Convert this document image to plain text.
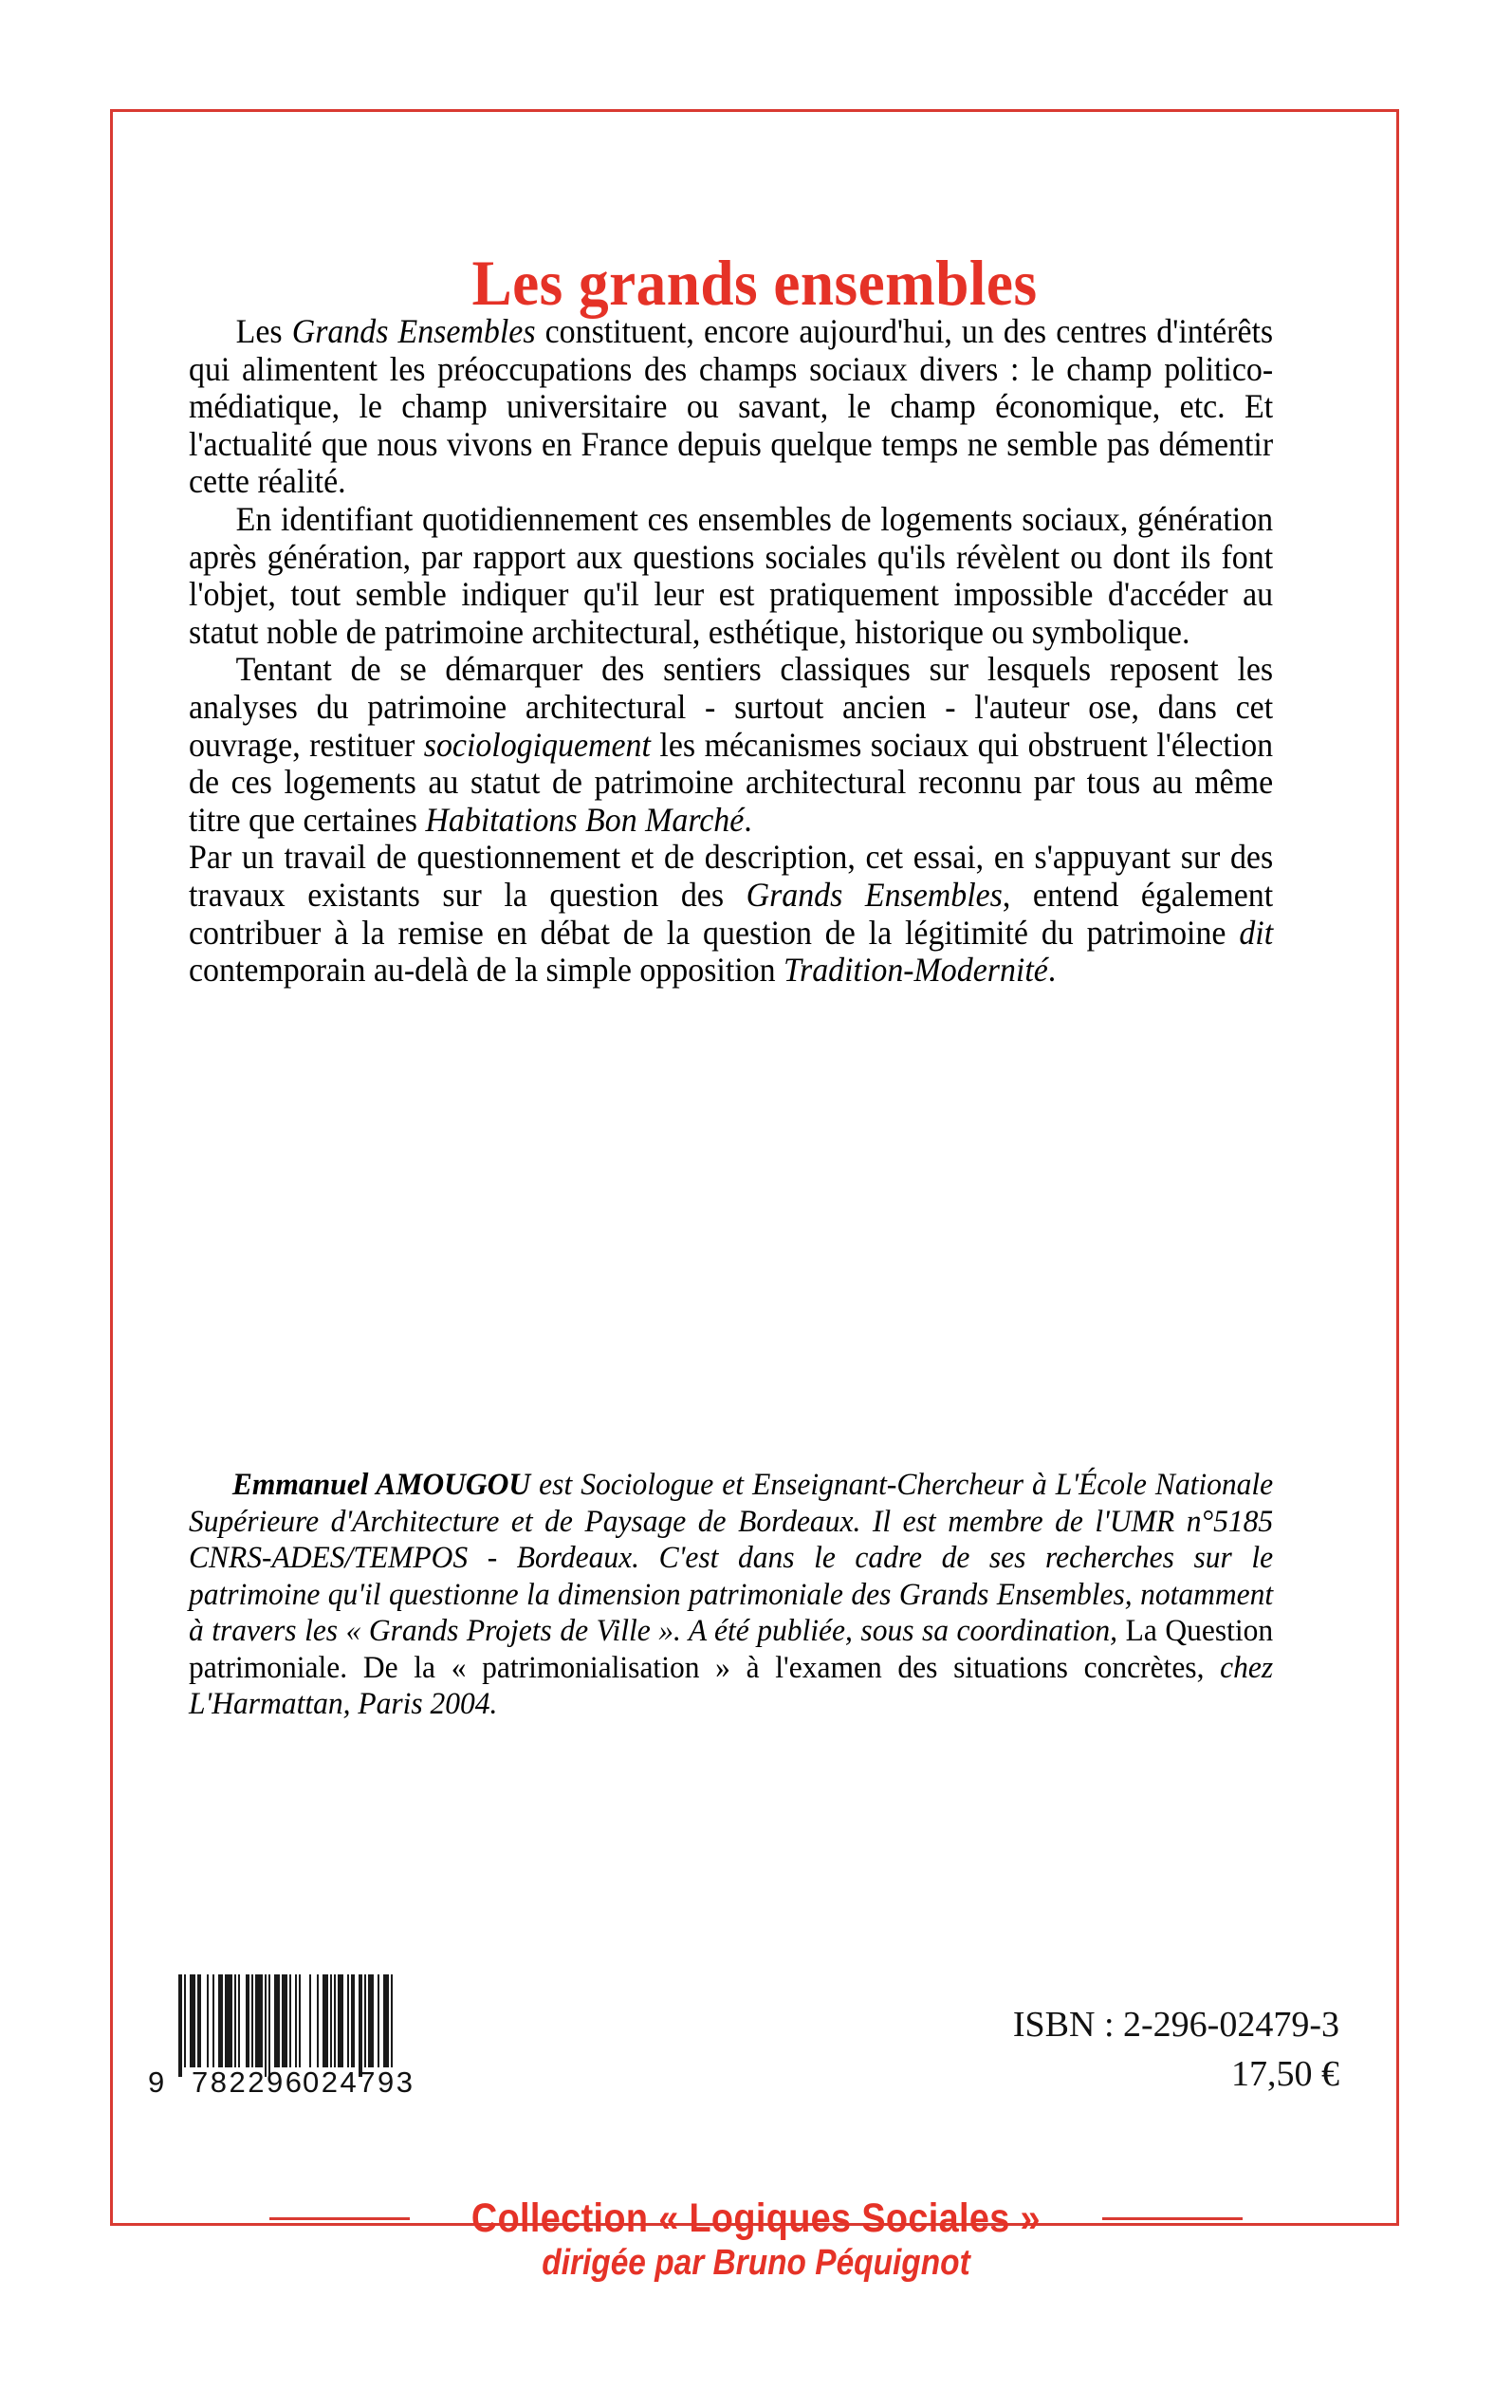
Les grands ensembles

Les Grands Ensembles constituent, encore aujourd'hui, un des centres d'intérêts qui alimentent les préoccupations des champs sociaux divers : le champ politico-médiatique, le champ universitaire ou savant, le champ économique, etc. Et l'actualité que nous vivons en France depuis quelque temps ne semble pas démentir cette réalité.

En identifiant quotidiennement ces ensembles de logements sociaux, génération après génération, par rapport aux questions sociales qu'ils révèlent ou dont ils font l'objet, tout semble indiquer qu'il leur est pratiquement impossible d'accéder au statut noble de patrimoine architectural, esthétique, historique ou symbolique.

Tentant de se démarquer des sentiers classiques sur lesquels reposent les analyses du patrimoine architectural - surtout ancien - l'auteur ose, dans cet ouvrage, restituer sociologiquement les mécanismes sociaux qui obstruent l'élection de ces logements au statut de patrimoine architectural reconnu par tous au même titre que certaines Habitations Bon Marché.

Par un travail de questionnement et de description, cet essai, en s'appuyant sur des travaux existants sur la question des Grands Ensembles, entend également contribuer à la remise en débat de la question de la légitimité du patrimoine dit contemporain au-delà de la simple opposition Tradition-Modernité.

Emmanuel AMOUGOU est Sociologue et Enseignant-Chercheur à L'École Nationale Supérieure d'Architecture et de Paysage de Bordeaux. Il est membre de l'UMR n°5185 CNRS-ADES/TEMPOS - Bordeaux. C'est dans le cadre de ses recherches sur le patrimoine qu'il questionne la dimension patrimoniale des Grands Ensembles, notamment à travers les « Grands Projets de Ville ». A été publiée, sous sa coordination, La Question patrimoniale. De la « patrimonialisation » à l'examen des situations concrètes, chez L'Harmattan, Paris 2004.

9 782296
024793
ISBN : 2-296-02479-3
17,50 €
Collection « Logiques Sociales »
dirigée par Bruno Péquignot
